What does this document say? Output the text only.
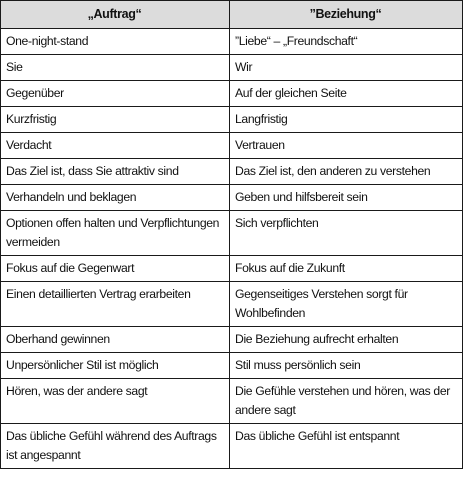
„Auftrag“	”Beziehung“
One-night-stand	”Liebe“ – „Freundschaft“
Sie	Wir
Gegenüber	Auf der gleichen Seite
Kurzfristig	Langfristig
Verdacht	Vertrauen
Das Ziel ist, dass Sie attraktiv sind	Das Ziel ist, den anderen zu verstehen
Verhandeln und beklagen	Geben und hilfsbereit sein
Optionen offen halten und Verpflichtungen vermeiden	Sich verpflichten
Fokus auf die Gegenwart	Fokus auf die Zukunft
Einen detaillierten Vertrag erarbeiten	Gegenseitiges Verstehen sorgt für Wohlbefinden
Oberhand gewinnen	Die Beziehung aufrecht erhalten
Unpersönlicher Stil ist möglich	Stil muss persönlich sein
Hören, was der andere sagt	Die Gefühle verstehen und hören, was der andere sagt
Das übliche Gefühl während des Auftrags ist angespannt	Das übliche Gefühl ist entspannt
